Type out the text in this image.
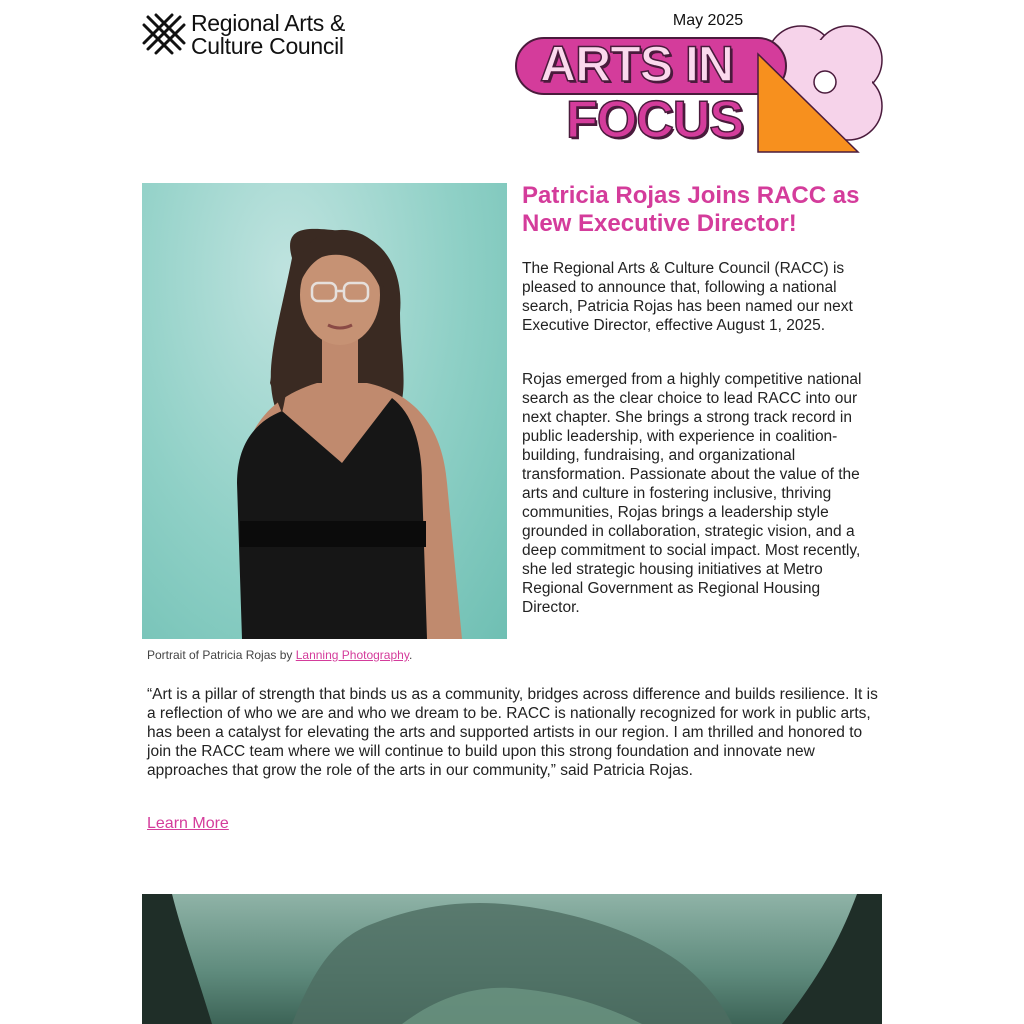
Regional Arts &
Culture Council
May 2025
ARTS IN
FOCUS
Portrait of Patricia Rojas by Lanning Photography.
Patricia Rojas Joins RACC as New Executive Director!

The Regional Arts & Culture Council (RACC) is pleased to announce that, following a national search, Patricia Rojas has been named our next Executive Director, effective August 1, 2025.

Rojas emerged from a highly competitive national search as the clear choice to lead RACC into our next chapter. She brings a strong track record in public leadership, with experience in coalition-building, fundraising, and organizational transformation. Passionate about the value of the arts and culture in fostering inclusive, thriving communities, Rojas brings a leadership style grounded in collaboration, strategic vision, and a deep commitment to social impact. Most recently, she led strategic housing initiatives at Metro Regional Government as Regional Housing Director.

“Art is a pillar of strength that binds us as a community, bridges across difference and builds resilience. It is a reflection of who we are and who we dream to be. RACC is nationally recognized for work in public arts, has been a catalyst for elevating the arts and supported artists in our region. I am thrilled and honored to join the RACC team where we will continue to build upon this strong foundation and innovate new approaches that grow the role of the arts in our community,” said Patricia Rojas.

Learn More
